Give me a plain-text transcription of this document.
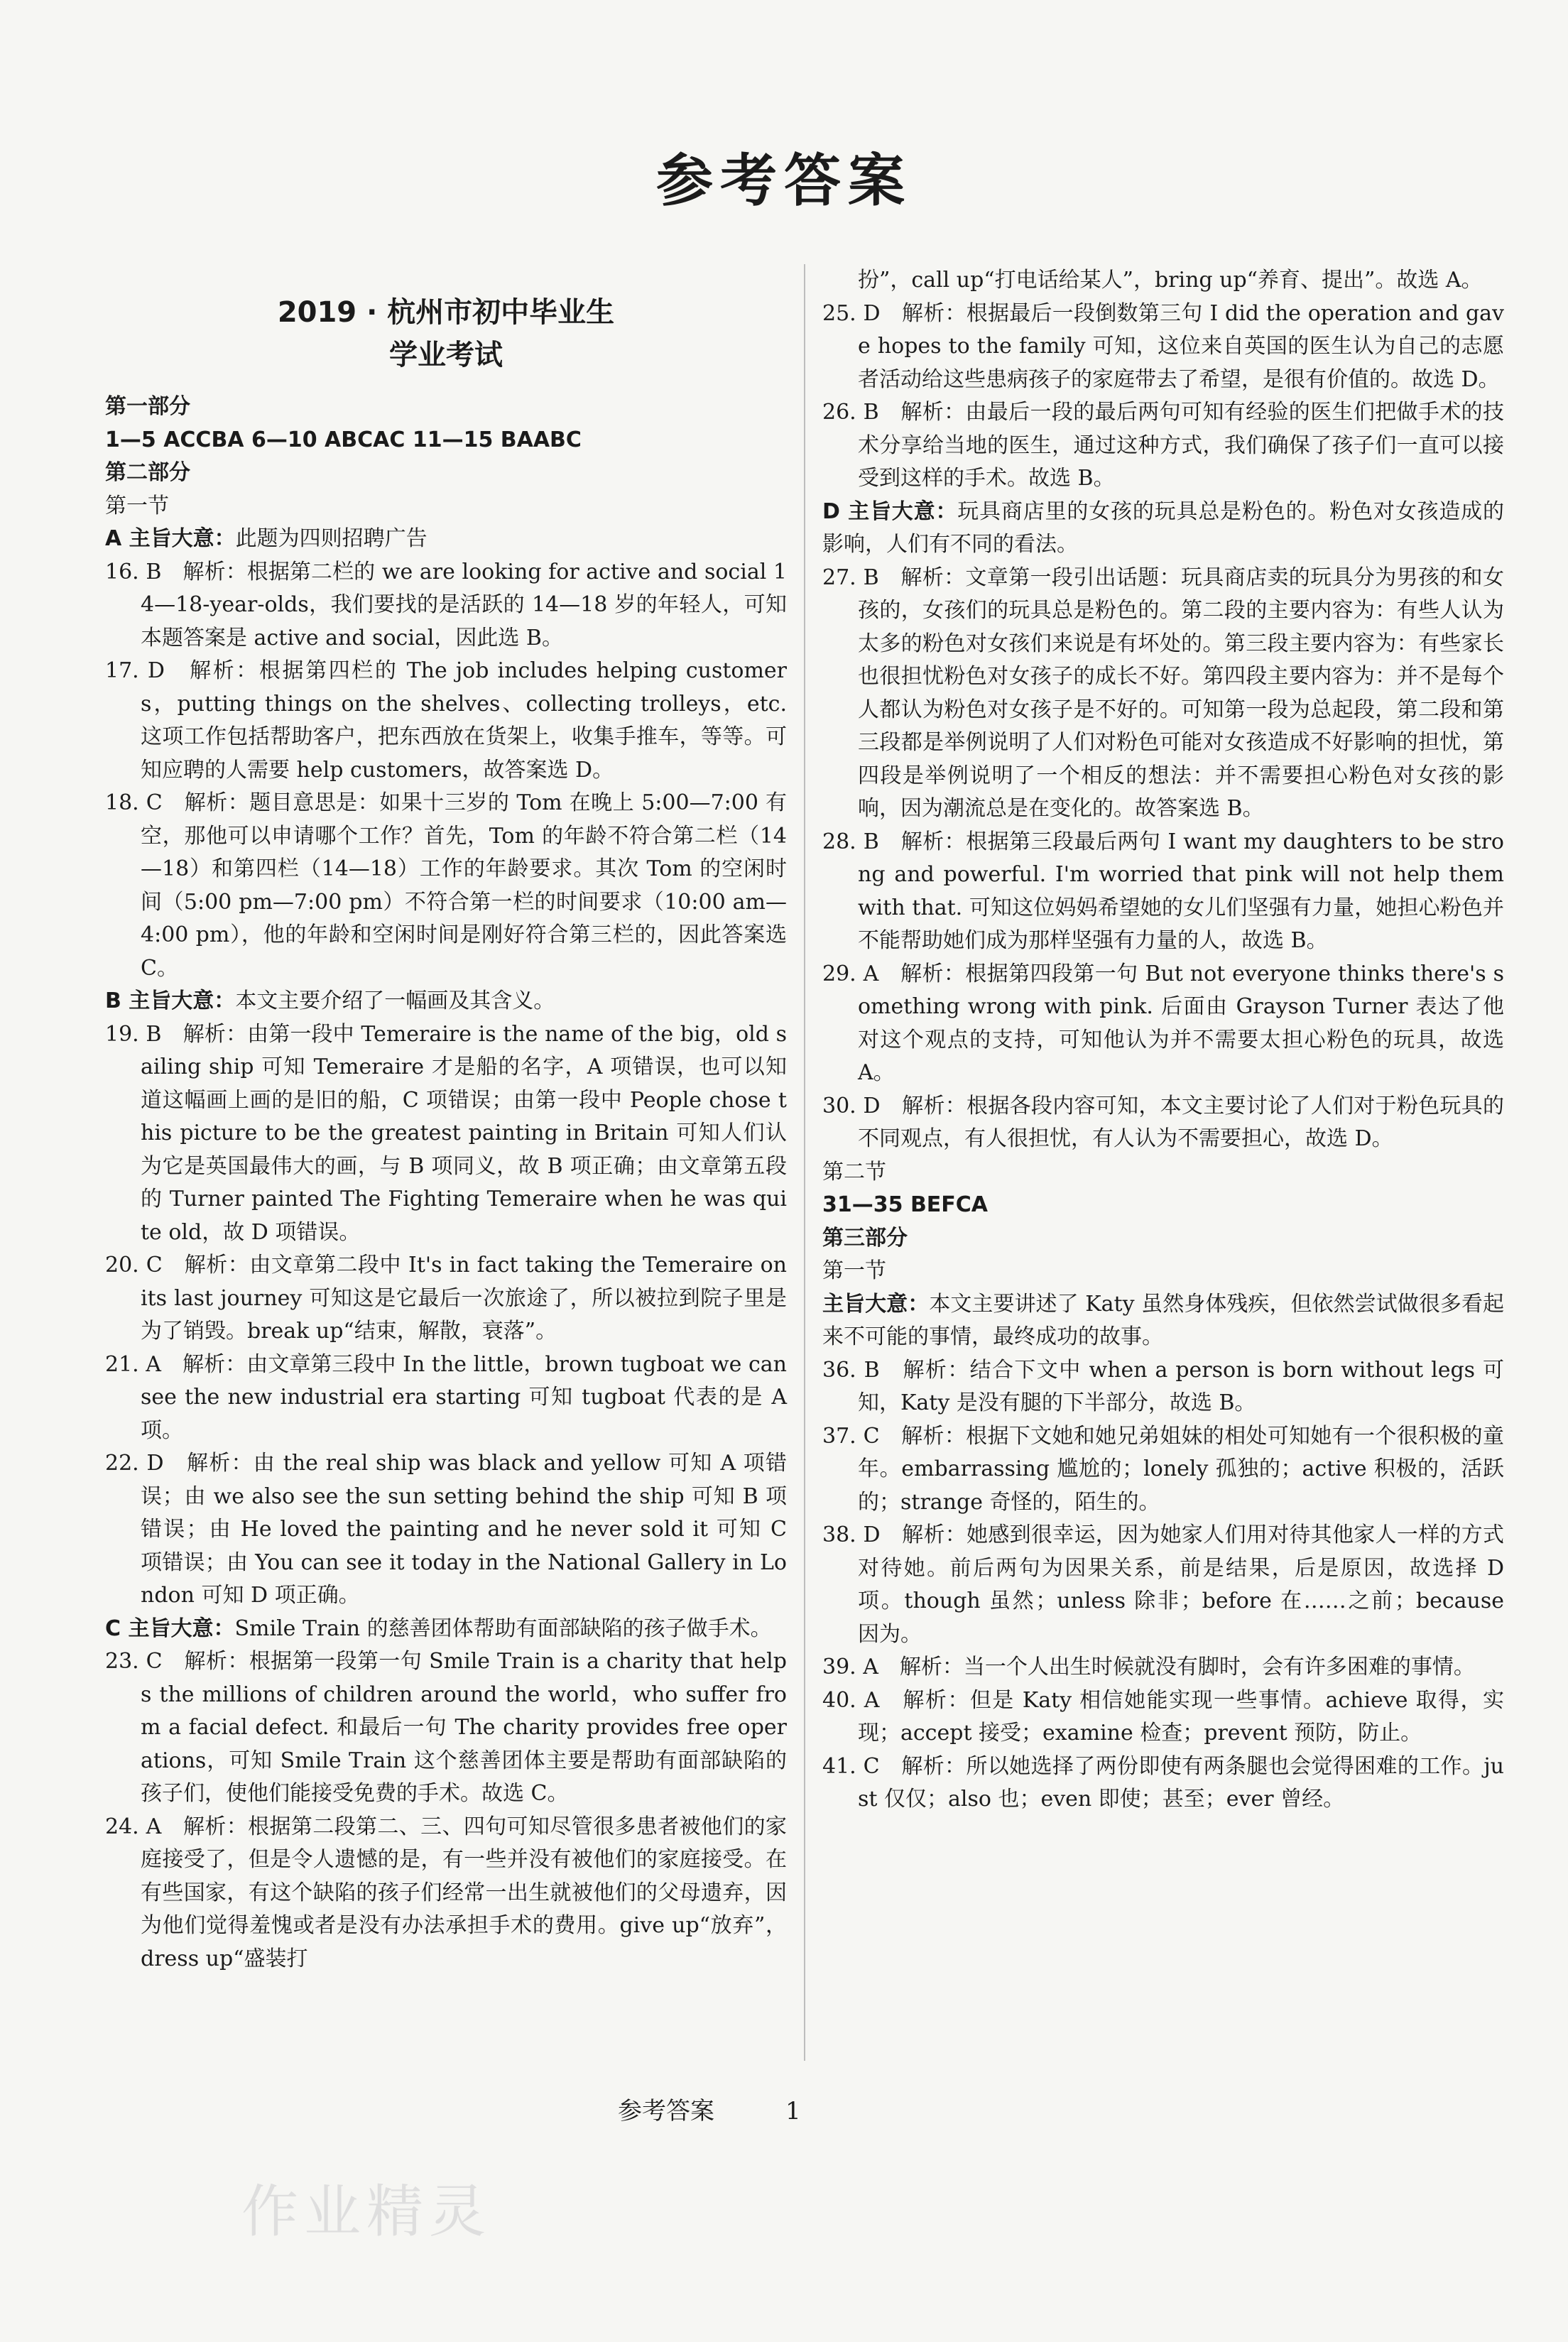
参考答案
2019 · 杭州市初中毕业生
学业考试

第一部分

1—5 ACCBA 6—10 ABCAC 11—15 BAABC

第二部分

第一节

A 主旨大意：此题为四则招聘广告

16. B　解析：根据第二栏的 we are looking for active and social 14—18-year-olds，我们要找的是活跃的 14—18 岁的年轻人，可知本题答案是 active and social，因此选 B。

17. D　解析：根据第四栏的 The job includes helping customers，putting things on the shelves、collecting trolleys，etc. 这项工作包括帮助客户，把东西放在货架上，收集手推车，等等。可知应聘的人需要 help customers，故答案选 D。

18. C　解析：题目意思是：如果十三岁的 Tom 在晚上 5:00—7:00 有空，那他可以申请哪个工作？首先，Tom 的年龄不符合第二栏（14—18）和第四栏（14—18）工作的年龄要求。其次 Tom 的空闲时间（5:00 pm—7:00 pm）不符合第一栏的时间要求（10:00 am—4:00 pm），他的年龄和空闲时间是刚好符合第三栏的，因此答案选 C。

B 主旨大意：本文主要介绍了一幅画及其含义。

19. B　解析：由第一段中 Temeraire is the name of the big，old sailing ship 可知 Temeraire 才是船的名字，A 项错误，也可以知道这幅画上画的是旧的船，C 项错误；由第一段中 People chose this picture to be the greatest painting in Britain 可知人们认为它是英国最伟大的画，与 B 项同义，故 B 项正确；由文章第五段的 Turner painted The Fighting Temeraire when he was quite old，故 D 项错误。

20. C　解析：由文章第二段中 It's in fact taking the Temeraire on its last journey 可知这是它最后一次旅途了，所以被拉到院子里是为了销毁。break up“结束，解散，衰落”。

21. A　解析：由文章第三段中 In the little，brown tugboat we can see the new industrial era starting 可知 tugboat 代表的是 A 项。

22. D　解析：由 the real ship was black and yellow 可知 A 项错误；由 we also see the sun setting behind the ship 可知 B 项错误；由 He loved the painting and he never sold it 可知 C 项错误；由 You can see it today in the National Gallery in London 可知 D 项正确。

C 主旨大意：Smile Train 的慈善团体帮助有面部缺陷的孩子做手术。

23. C　解析：根据第一段第一句 Smile Train is a charity that helps the millions of children around the world，who suffer from a facial defect. 和最后一句 The charity provides free operations，可知 Smile Train 这个慈善团体主要是帮助有面部缺陷的孩子们，使他们能接受免费的手术。故选 C。

24. A　解析：根据第二段第二、三、四句可知尽管很多患者被他们的家庭接受了，但是令人遗憾的是，有一些并没有被他们的家庭接受。在有些国家，有这个缺陷的孩子们经常一出生就被他们的父母遗弃，因为他们觉得羞愧或者是没有办法承担手术的费用。give up“放弃”，dress up“盛装打

扮”，call up“打电话给某人”，bring up“养育、提出”。故选 A。

25. D　解析：根据最后一段倒数第三句 I did the operation and gave hopes to the family 可知，这位来自英国的医生认为自己的志愿者活动给这些患病孩子的家庭带去了希望，是很有价值的。故选 D。

26. B　解析：由最后一段的最后两句可知有经验的医生们把做手术的技术分享给当地的医生，通过这种方式，我们确保了孩子们一直可以接受到这样的手术。故选 B。

D 主旨大意：玩具商店里的女孩的玩具总是粉色的。粉色对女孩造成的影响，人们有不同的看法。

27. B　解析：文章第一段引出话题：玩具商店卖的玩具分为男孩的和女孩的，女孩们的玩具总是粉色的。第二段的主要内容为：有些人认为太多的粉色对女孩们来说是有坏处的。第三段主要内容为：有些家长也很担忧粉色对女孩子的成长不好。第四段主要内容为：并不是每个人都认为粉色对女孩子是不好的。可知第一段为总起段，第二段和第三段都是举例说明了人们对粉色可能对女孩造成不好影响的担忧，第四段是举例说明了一个相反的想法：并不需要担心粉色对女孩的影响，因为潮流总是在变化的。故答案选 B。

28. B　解析：根据第三段最后两句 I want my daughters to be strong and powerful. I'm worried that pink will not help them with that. 可知这位妈妈希望她的女儿们坚强有力量，她担心粉色并不能帮助她们成为那样坚强有力量的人，故选 B。

29. A　解析：根据第四段第一句 But not everyone thinks there's something wrong with pink. 后面由 Grayson Turner 表达了他对这个观点的支持，可知他认为并不需要太担心粉色的玩具，故选 A。

30. D　解析：根据各段内容可知，本文主要讨论了人们对于粉色玩具的不同观点，有人很担忧，有人认为不需要担心，故选 D。

第二节

31—35 BEFCA

第三部分

第一节

主旨大意：本文主要讲述了 Katy 虽然身体残疾，但依然尝试做很多看起来不可能的事情，最终成功的故事。

36. B　解析：结合下文中 when a person is born without legs 可知，Katy 是没有腿的下半部分，故选 B。

37. C　解析：根据下文她和她兄弟姐妹的相处可知她有一个很积极的童年。embarrassing 尴尬的；lonely 孤独的；active 积极的，活跃的；strange 奇怪的，陌生的。

38. D　解析：她感到很幸运，因为她家人们用对待其他家人一样的方式对待她。前后两句为因果关系，前是结果，后是原因，故选择 D 项。though 虽然；unless 除非；before 在……之前；because 因为。

39. A　解析：当一个人出生时候就没有脚时，会有许多困难的事情。

40. A　解析：但是 Katy 相信她能实现一些事情。achieve 取得，实现；accept 接受；examine 检查；prevent 预防，防止。

41. C　解析：所以她选择了两份即使有两条腿也会觉得困难的工作。just 仅仅；also 也；even 即使；甚至；ever 曾经。

参考答案	1
作业精灵
